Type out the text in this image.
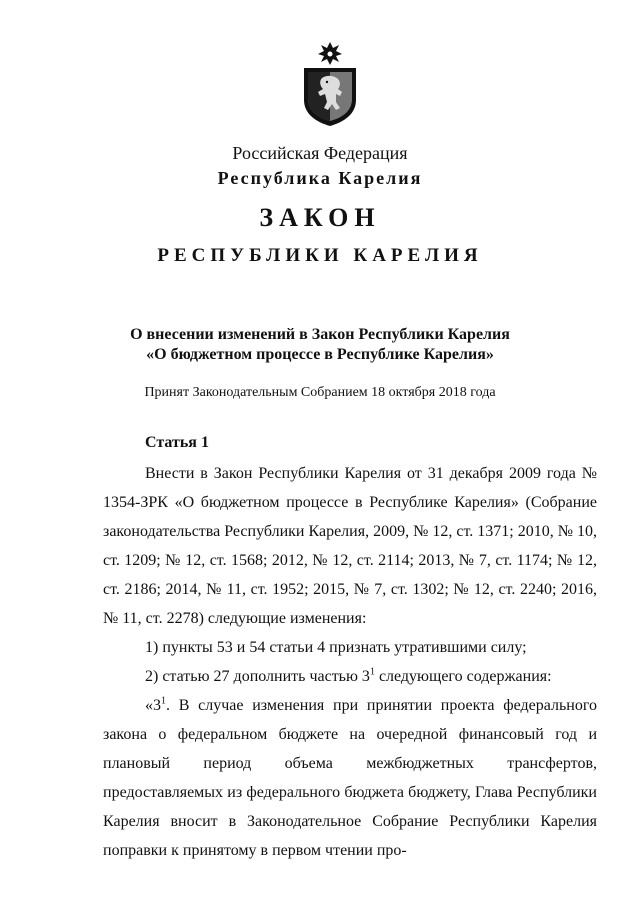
Российская Федерация
Республика Карелия
ЗАКОН
РЕСПУБЛИКИ КАРЕЛИЯ
О внесении изменений в Закон Республики Карелия
«О бюджетном процессе в Республике Карелия»
Принят Законодательным Собранием 18 октября 2018 года
Статья 1

Внести в Закон Республики Карелия от 31 декабря 2009 года № 1354-ЗРК «О бюджетном процессе в Республике Карелия» (Собрание законодательства Республики Карелия, 2009, № 12, ст. 1371; 2010, № 10, ст. 1209; № 12, ст. 1568; 2012, № 12, ст. 2114; 2013, № 7, ст. 1174; № 12, ст. 2186; 2014, № 11, ст. 1952; 2015, № 7, ст. 1302; № 12, ст. 2240; 2016, № 11, ст. 2278) следующие изменения:

1) пункты 53 и 54 статьи 4 признать утратившими силу;

2) статью 27 дополнить частью $3^1$ следующего содержания:

«$3^1$. В случае изменения при принятии проекта федерального закона о федеральном бюджете на очередной финансовый год и плановый период объема межбюджетных трансфертов, предоставляемых из федерального бюджета бюджету, Глава Республики Карелия вносит в Законодательное Собрание Республики Карелия поправки к принятому в первом чтении про-
